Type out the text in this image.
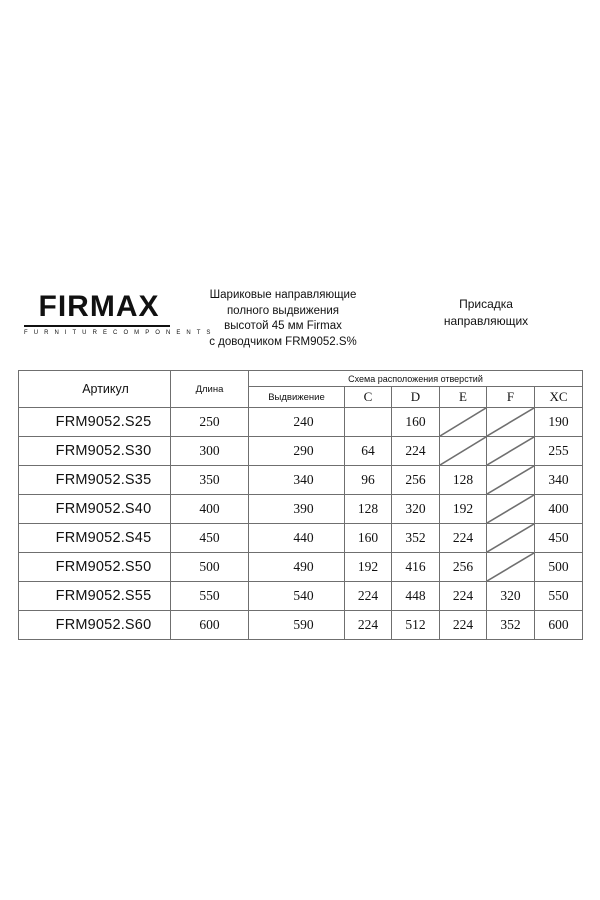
FIRMAX
F U R N I T U R E C O M P O N E N T S
Шариковые направляющие
полного выдвижения
высотой 45 мм Firmax
с доводчиком FRM9052.S%
Присадка
направляющих
Артикул	Длина	Схема расположения отверстий					
		Выдвижение	C	D	E	F	XC
FRM9052.S25	250	240		160			190
FRM9052.S30	300	290	64	224			255
FRM9052.S35	350	340	96	256	128		340
FRM9052.S40	400	390	128	320	192		400
FRM9052.S45	450	440	160	352	224		450
FRM9052.S50	500	490	192	416	256		500
FRM9052.S55	550	540	224	448	224	320	550
FRM9052.S60	600	590	224	512	224	352	600
